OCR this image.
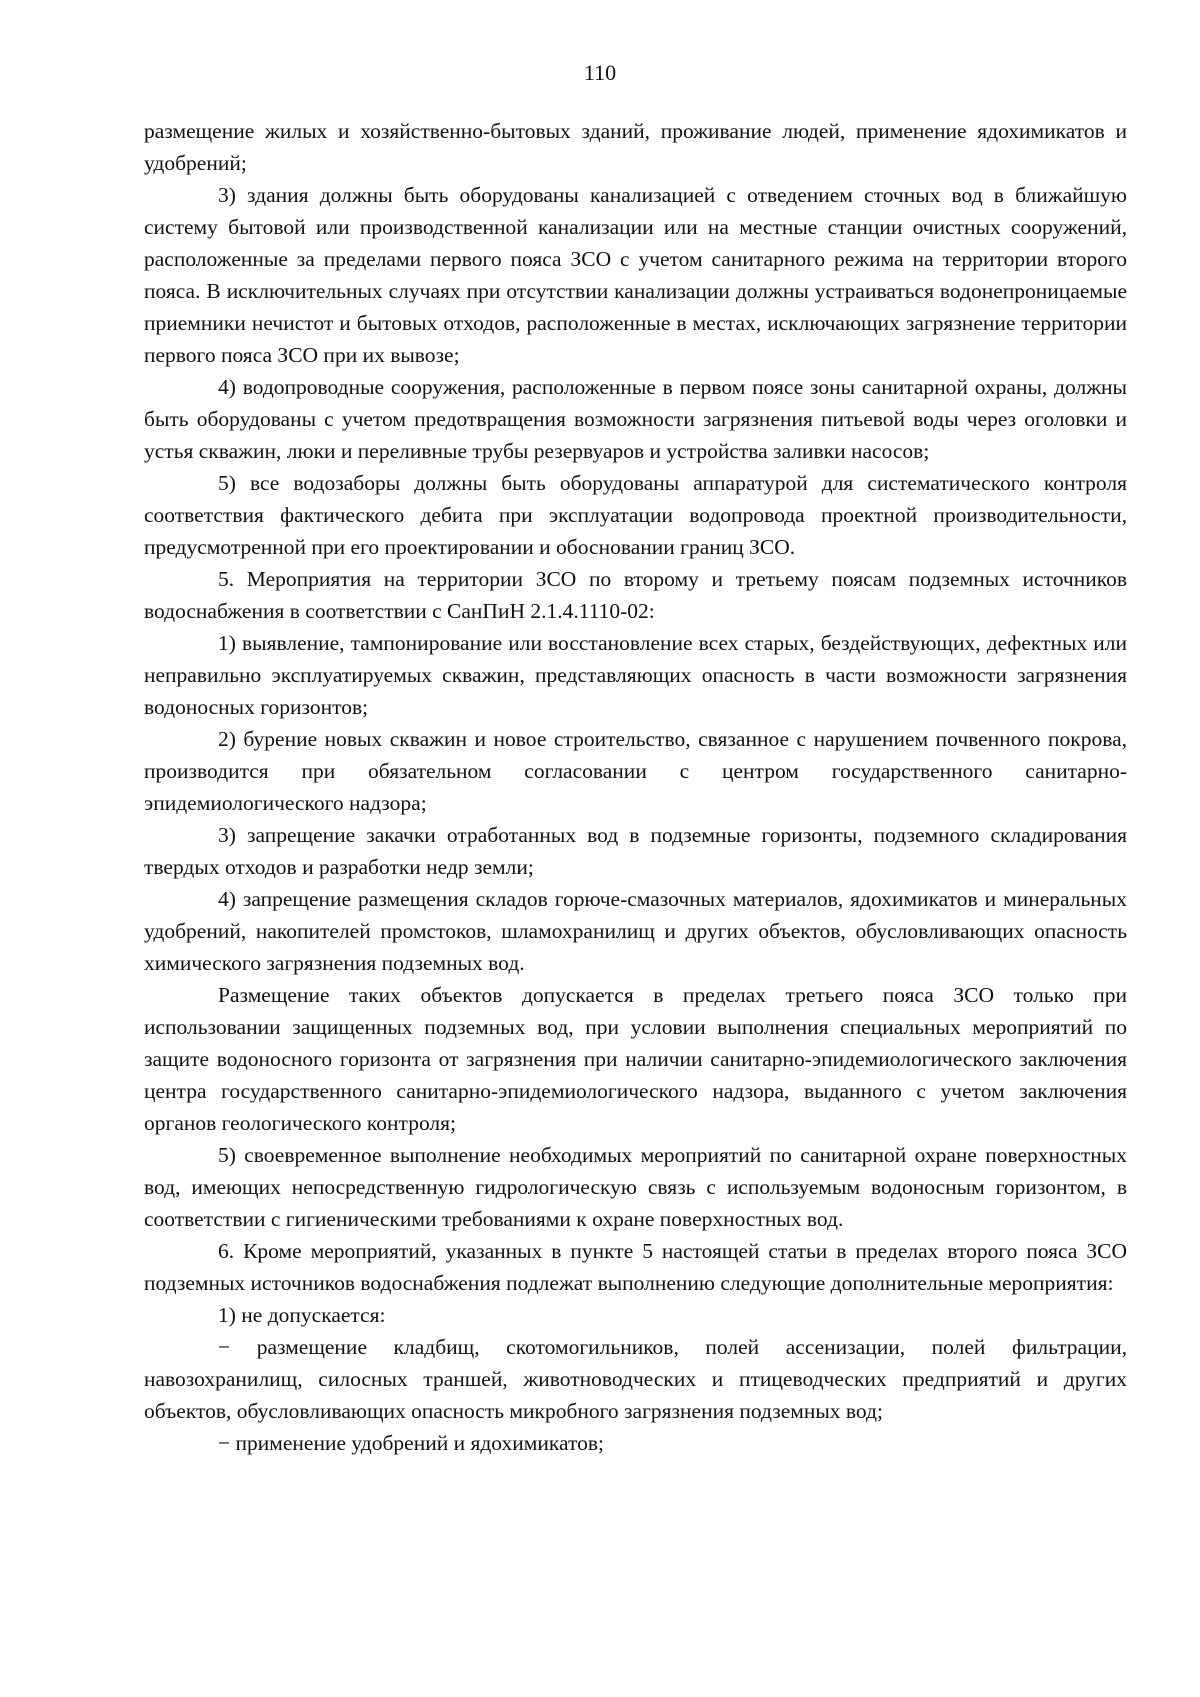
110

размещение жилых и хозяйственно-бытовых зданий, проживание людей, применение ядохимикатов и удобрений;

3) здания должны быть оборудованы канализацией с отведением сточных вод в ближайшую систему бытовой или производственной канализации или на местные станции очистных сооружений, расположенные за пределами первого пояса ЗСО с учетом санитарного режима на территории второго пояса. В исключительных случаях при отсутствии канализации должны устраиваться водонепроницаемые приемники нечистот и бытовых отходов, расположенные в местах, исключающих загрязнение территории первого пояса ЗСО при их вывозе;

4) водопроводные сооружения, расположенные в первом поясе зоны санитарной охраны, должны быть оборудованы с учетом предотвращения возможности загрязнения питьевой воды через оголовки и устья скважин, люки и переливные трубы резервуаров и устройства заливки насосов;

5) все водозаборы должны быть оборудованы аппаратурой для систематического контроля соответствия фактического дебита при эксплуатации водопровода проектной производительности, предусмотренной при его проектировании и обосновании границ ЗСО.

5. Мероприятия на территории ЗСО по второму и третьему поясам подземных источников водоснабжения в соответствии с СанПиН 2.1.4.1110-02:

1) выявление, тампонирование или восстановление всех старых, бездействующих, дефектных или неправильно эксплуатируемых скважин, представляющих опасность в части возможности загрязнения водоносных горизонтов;

2) бурение новых скважин и новое строительство, связанное с нарушением почвенного покрова, производится при обязательном согласовании с центром государственного санитарно-эпидемиологического надзора;

3) запрещение закачки отработанных вод в подземные горизонты, подземного складирования твердых отходов и разработки недр земли;

4) запрещение размещения складов горюче-смазочных материалов, ядохимикатов и минеральных удобрений, накопителей промстоков, шламохранилищ и других объектов, обусловливающих опасность химического загрязнения подземных вод.

Размещение таких объектов допускается в пределах третьего пояса ЗСО только при использовании защищенных подземных вод, при условии выполнения специальных мероприятий по защите водоносного горизонта от загрязнения при наличии санитарно-эпидемиологического заключения центра государственного санитарно-эпидемиологического надзора, выданного с учетом заключения органов геологического контроля;

5) своевременное выполнение необходимых мероприятий по санитарной охране поверхностных вод, имеющих непосредственную гидрологическую связь с используемым водоносным горизонтом, в соответствии с гигиеническими требованиями к охране поверхностных вод.

6. Кроме мероприятий, указанных в пункте 5 настоящей статьи в пределах второго пояса ЗСО подземных источников водоснабжения подлежат выполнению следующие дополнительные мероприятия:

1) не допускается:

− размещение кладбищ, скотомогильников, полей ассенизации, полей фильтрации, навозохранилищ, силосных траншей, животноводческих и птицеводческих предприятий и других объектов, обусловливающих опасность микробного загрязнения подземных вод;

− применение удобрений и ядохимикатов;
